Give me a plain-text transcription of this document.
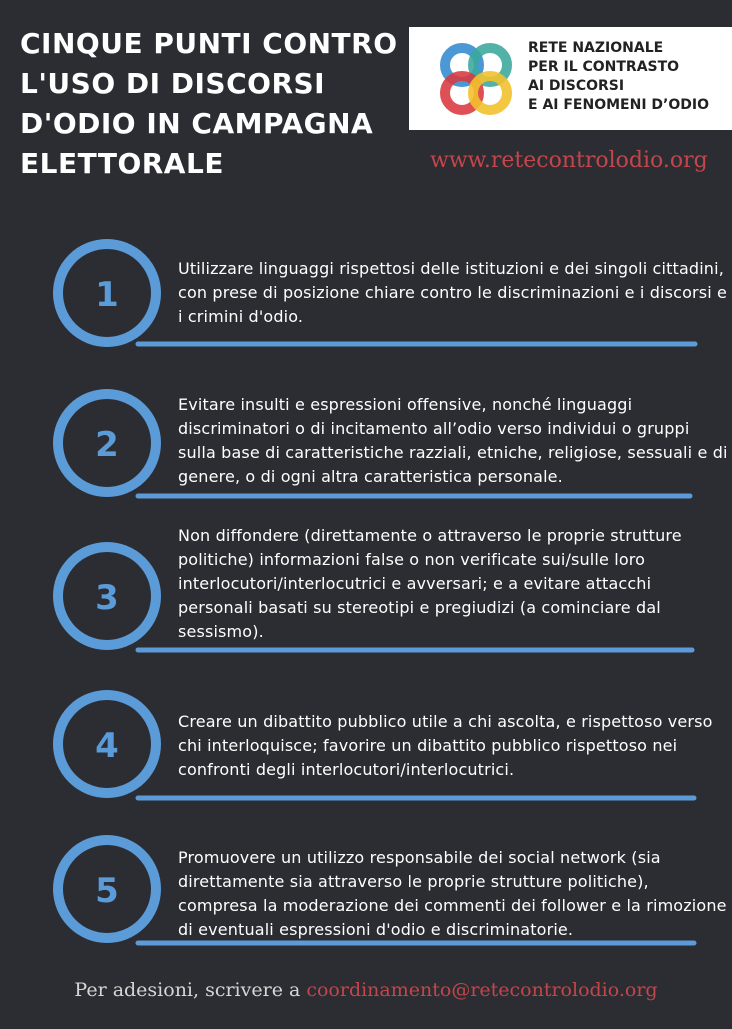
CINQUE PUNTI CONTRO L'USO DI DISCORSI D'ODIO IN CAMPAGNA ELETTORALE

RETE NAZIONALE
PER IL CONTRASTO
AI DISCORSI
E AI FENOMENI D’ODIO

www.retecontrolodio.org
1

Utilizzare linguaggi rispettosi delle istituzioni e dei singoli cittadini, con prese di posizione chiare contro le discriminazioni e i discorsi e i crimini d'odio.

2

Evitare insulti e espressioni offensive, nonché linguaggi discriminatori o di incitamento all’odio verso individui o gruppi sulla base di caratteristiche razziali, etniche, religiose, sessuali e di genere, o di ogni altra caratteristica personale.

3

Non diffondere (direttamente o attraverso le proprie strutture politiche) informazioni false o non verificate sui/sulle loro interlocutori/interlocutrici e avversari; e a evitare attacchi personali basati su stereotipi e pregiudizi (a cominciare dal sessismo).

4

Creare un dibattito pubblico utile a chi ascolta, e rispettoso verso chi interloquisce; favorire un dibattito pubblico rispettoso nei confronti degli interlocutori/interlocutrici.

5

Promuovere un utilizzo responsabile dei social network (sia direttamente sia attraverso le proprie strutture politiche), compresa la moderazione dei commenti dei follower e la rimozione di eventuali espressioni d'odio e discriminatorie.

Per adesioni, scrivere a coordinamento@retecontrolodio.org
